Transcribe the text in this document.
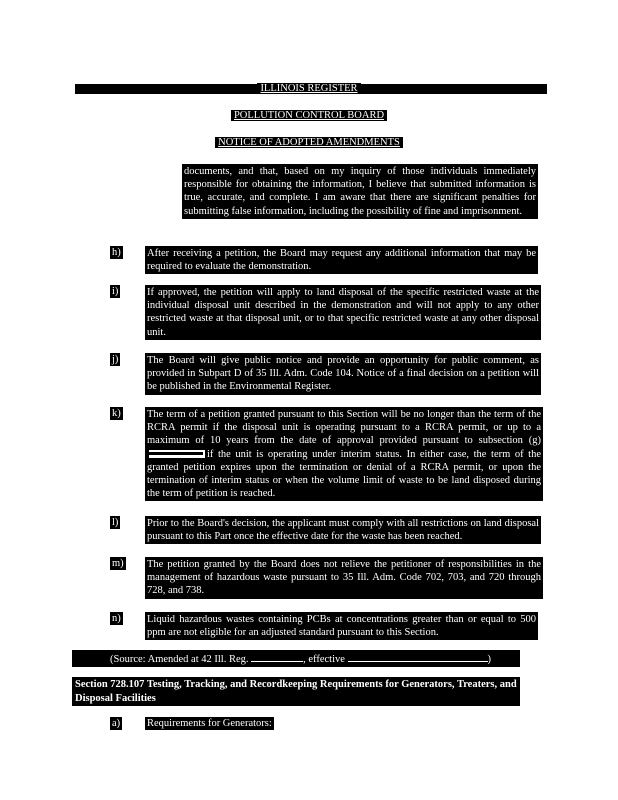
ILLINOIS REGISTER
POLLUTION CONTROL BOARD
NOTICE OF ADOPTED AMENDMENTS
documents, and that, based on my inquiry of those individuals immediately responsible for obtaining the information, I believe that submitted information is true, accurate, and complete. I am aware that there are significant penalties for submitting false information, including the possibility of fine and imprisonment.
h)	After receiving a petition, the Board may request any additional information that may be required to evaluate the demonstration.
i)	If approved, the petition will apply to land disposal of the specific restricted waste at the individual disposal unit described in the demonstration and will not apply to any other restricted waste at that disposal unit, or to that specific restricted waste at any other disposal unit.
j)	The Board will give public notice and provide an opportunity for public comment, as provided in Subpart D of 35 Ill. Adm. Code 104. Notice of a final decision on a petition will be published in the Environmental Register.
k)	The term of a petition granted pursuant to this Section will be no longer than the term of the RCRA permit if the disposal unit is operating pursuant to a RCRA permit, or up to a maximum of 10 years from the date of approval provided pursuant to subsection (g)
if the unit is operating under interim status. In either case, the term of the granted petition expires upon the termination or denial of a RCRA permit, or upon the termination of interim status or when the volume limit of waste to be land disposed during the term of petition is reached.
l)	Prior to the Board's decision, the applicant must comply with all restrictions on land disposal pursuant to this Part once the effective date for the waste has been reached.
m) The petition granted by the Board does not relieve the petitioner of responsibilities in the management of hazardous waste pursuant to 35 Ill. Adm. Code 702, 703, and 720 through 728, and 738.
n)	Liquid hazardous wastes containing PCBs at concentrations greater than or equal to 500 ppm are not eligible for an adjusted standard pursuant to this Section.
(Source: Amended at 42 Ill. Reg.	, effective	)
Section 728.107 Testing, Tracking, and Recordkeeping Requirements for Generators, Treaters, and Disposal Facilities
a)	Requirements for Generators:
